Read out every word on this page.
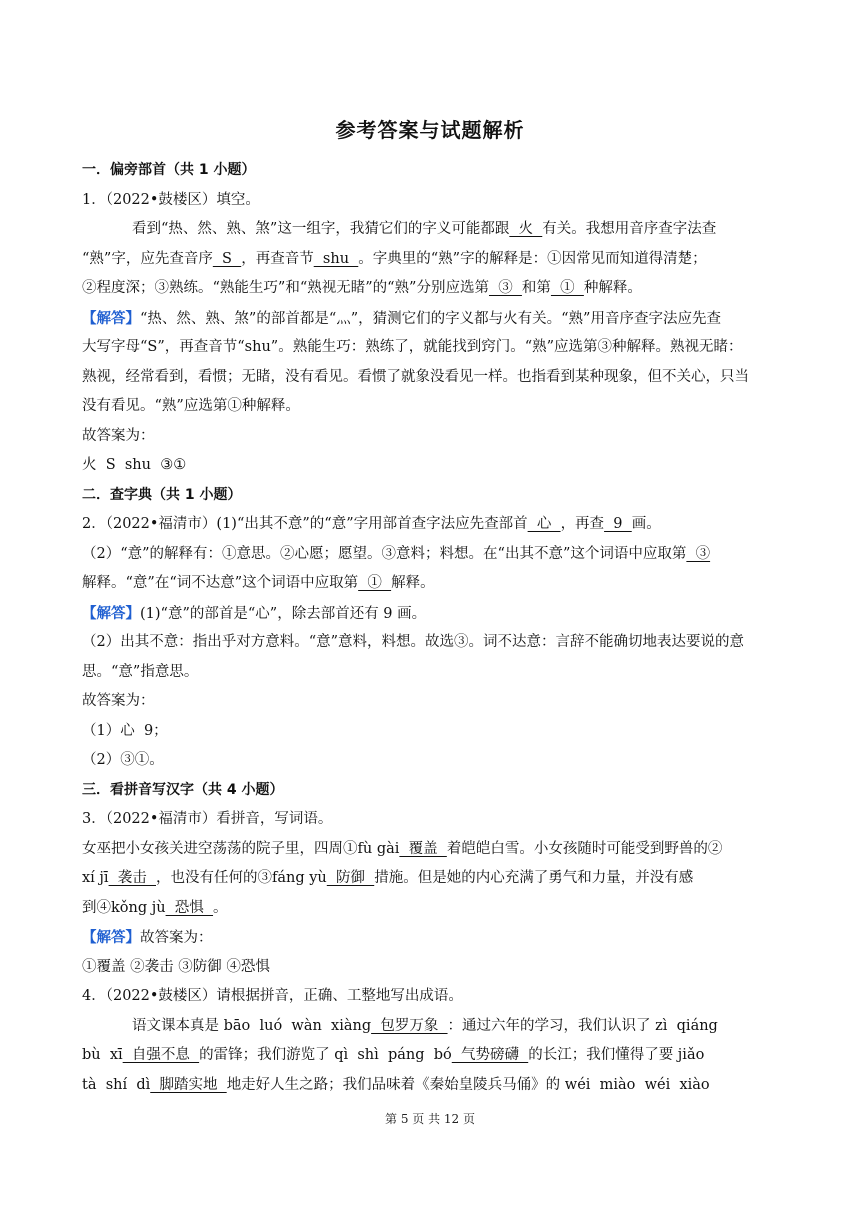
参考答案与试题解析
一．偏旁部首（共 1 小题）
1．（2022•鼓楼区）填空。
看到“热、然、熟、煞”这一组字，我猜它们的字义可能都跟  火  有关。我想用音序查字法查
“熟”字，应先查音序  S  ，再查音节  shu  。字典里的“熟”字的解释是：①因常见而知道得清楚；
②程度深；③熟练。“熟能生巧”和“熟视无睹”的“熟”分别应选第  ③  和第  ①  种解释。
【解答】“热、然、熟、煞”的部首都是“灬”，猜测它们的字义都与火有关。“熟”用音序查字法应先查
大写字母“S”，再查音节“shu”。熟能生巧：熟练了，就能找到窍门。“熟”应选第③种解释。熟视无睹：
熟视，经常看到，看惯；无睹，没有看见。看惯了就象没看见一样。也指看到某种现象，但不关心，只当
没有看见。“熟”应选第①种解释。
故答案为：
火  S  shu  ③①
二．查字典（共 1 小题）
2．（2022•福清市）(1)“出其不意”的“意”字用部首查字法应先查部首  心  ，再查  9  画。
（2）“意”的解释有：①意思。②心愿；愿望。③意料；料想。在“出其不意”这个词语中应取第  ③
解释。“意”在“词不达意”这个词语中应取第  ①  解释。
【解答】(1)“意”的部首是“心”，除去部首还有 9 画。
（2）出其不意：指出乎对方意料。“意”意料，料想。故选③。词不达意：言辞不能确切地表达要说的意
思。“意”指意思。
故答案为：
（1）心  9；
（2）③①。
三．看拼音写汉字（共 4 小题）
3．（2022•福清市）看拼音，写词语。
女巫把小女孩关进空荡荡的院子里，四周①fù gài  覆盖  着皑皑白雪。小女孩随时可能受到野兽的②
xí jī  袭击  ，也没有任何的③fáng yù  防御  措施。但是她的内心充满了勇气和力量，并没有感
到④kǒng jù  恐惧  。
【解答】故答案为：
①覆盖 ②袭击 ③防御 ④恐惧
4．（2022•鼓楼区）请根据拼音，正确、工整地写出成语。
语文课本真是 bāo  luó  wàn  xiàng  包罗万象  ：通过六年的学习，我们认识了 zì  qiáng
bù  xī  自强不息  的雷锋；我们游览了 qì  shì  páng  bó  气势磅礴  的长江；我们懂得了要 jiǎo
tà  shí  dì  脚踏实地  地走好人生之路；我们品味着《秦始皇陵兵马俑》的 wéi  miào  wéi  xiào
第 5 页 共 12 页
